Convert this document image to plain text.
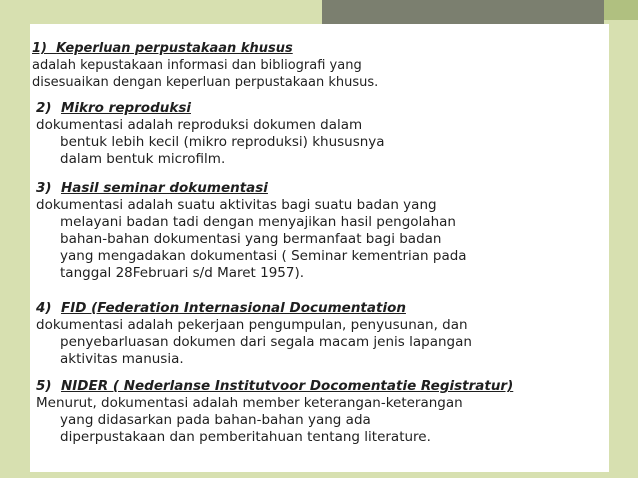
1) Keperluan perpustakaan khusus
adalah kepustakaan informasi dan bibliografi yang
disesuaikan dengan keperluan perpustakaan khusus.
2) Mikro reproduksi
dokumentasi adalah reproduksi dokumen dalam
bentuk lebih kecil (mikro reproduksi) khususnya
dalam bentuk microfilm.
3) Hasil seminar dokumentasi
dokumentasi adalah suatu aktivitas bagi suatu badan yang
melayani badan tadi dengan menyajikan hasil pengolahan
bahan-bahan dokumentasi yang bermanfaat bagi badan
yang mengadakan dokumentasi ( Seminar kementrian pada
tanggal 28Februari s/d Maret 1957).
4) FID (Federation Internasional Documentation
dokumentasi adalah pekerjaan pengumpulan, penyusunan, dan
penyebarluasan dokumen dari segala macam jenis lapangan
aktivitas manusia.
5) NIDER ( Nederlanse Institutvoor Docomentatie Registratur)
Menurut, dokumentasi adalah member keterangan-keterangan
yang didasarkan pada bahan-bahan yang ada
diperpustakaan dan pemberitahuan tentang literature.
